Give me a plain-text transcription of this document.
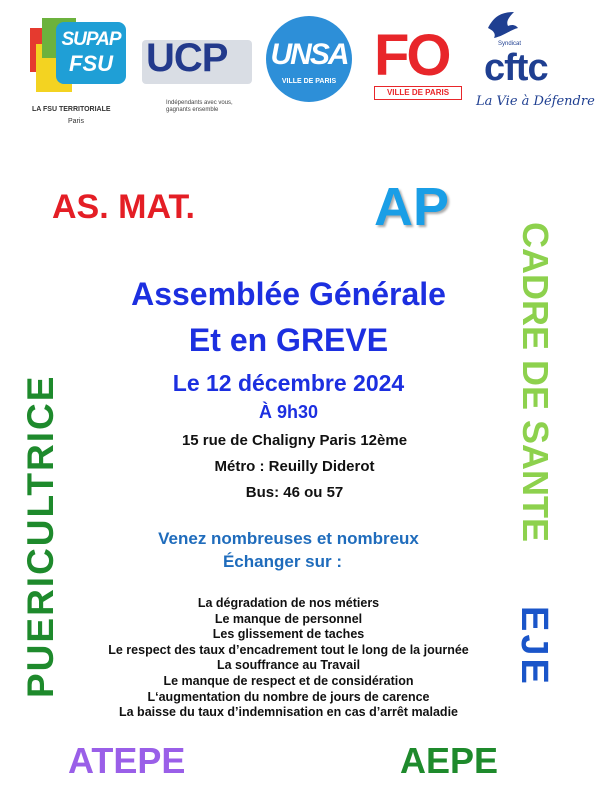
SUPAP
FSU
LA FSU TERRITORIALE
Paris
UCP
Indépendants avec vous, gagnants ensemble
UNSA
VILLE DE PARIS FO
VILLE DE PARIS
Syndicat
cftc
La Vie à Défendre
AS. MAT.	AP
CADRE DE SANTE
PUERICULTRICE	EJE
ATEPE	AEPE
Assemblée Générale
Et en GREVE
Le 12 décembre 2024
À 9h30
15 rue de Chaligny Paris 12ème
Métro : Reuilly Diderot
Bus: 46 ou 57
Venez nombreuses et nombreux
Échanger sur :
La dégradation de nos métiers
Le manque de personnel
Les glissement de taches
Le respect des taux d’encadrement tout le long de la journée
La souffrance au Travail
Le manque de respect et de considération
L‘augmentation du nombre de jours de carence
La baisse du taux d’indemnisation en cas d’arrêt maladie
